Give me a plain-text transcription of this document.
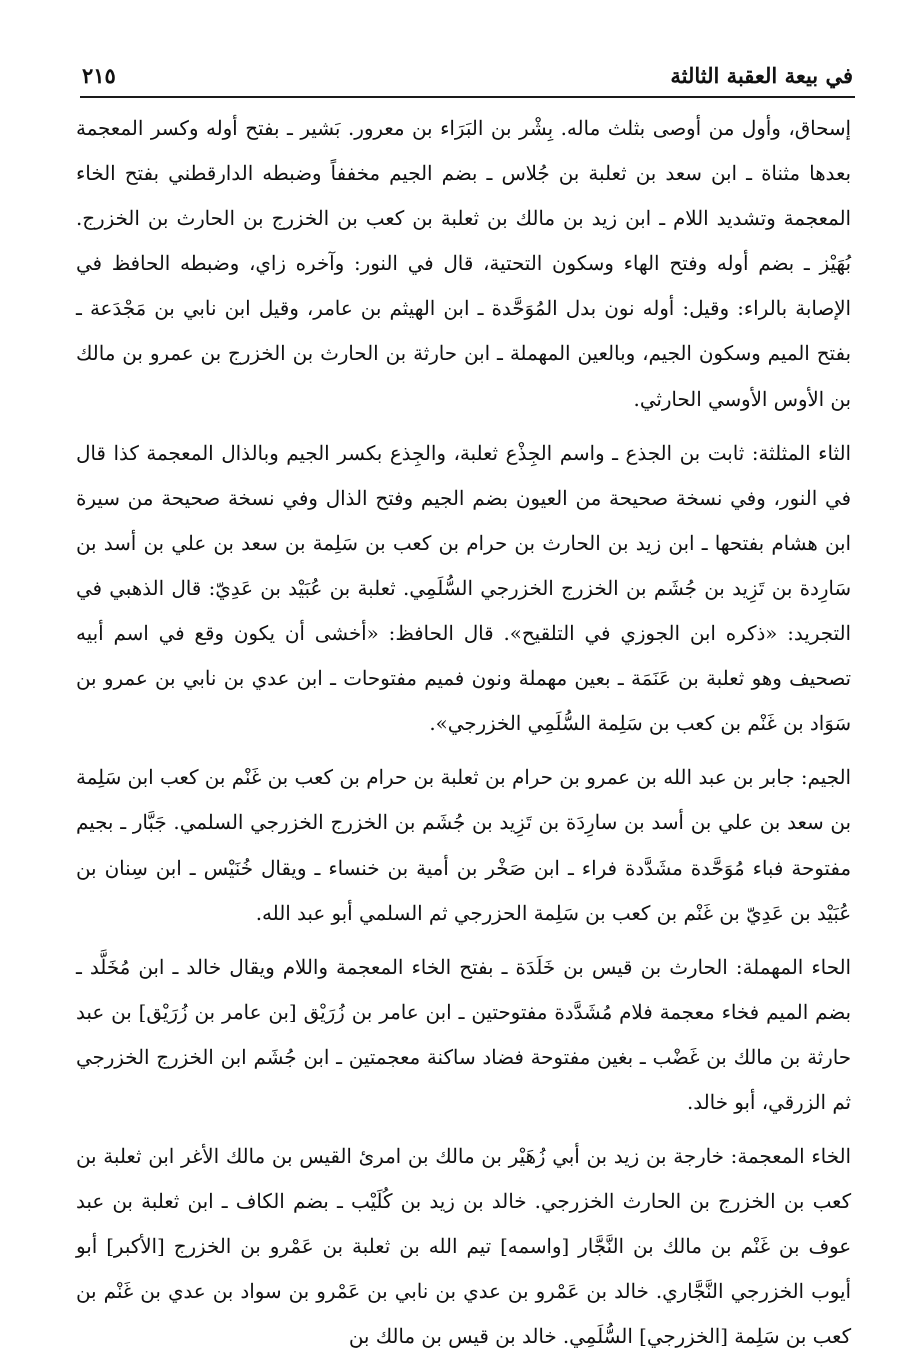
في بيعة العقبة الثالثة
٢١٥

إسحاق، وأول من أوصى بثلث ماله. بِشْر بن البَرَاء بن معرور. بَشير ـ بفتح أوله وكسر المعجمة بعدها مثناة ـ ابن سعد بن ثعلبة بن جُلاس ـ بضم الجيم مخففاً وضبطه الدارقطني بفتح الخاء المعجمة وتشديد اللام ـ ابن زيد بن مالك بن ثعلبة بن كعب بن الخزرج بن الحارث بن الخزرج. بُهَيْز ـ بضم أوله وفتح الهاء وسكون التحتية، قال في النور: وآخره زاي، وضبطه الحافظ في الإصابة بالراء: وقيل: أوله نون بدل المُوَحَّدة ـ ابن الهيثم بن عامر، وقيل ابن نابي بن مَجْدَعة ـ بفتح الميم وسكون الجيم، وبالعين المهملة ـ ابن حارثة بن الحارث بن الخزرج بن عمرو بن مالك بن الأوس الأوسي الحارثي.

الثاء المثلثة: ثابت بن الجذع ـ واسم الجِذْع ثعلبة، والجِذع بكسر الجيم وبالذال المعجمة كذا قال في النور، وفي نسخة صحيحة من العيون بضم الجيم وفتح الذال وفي نسخة صحيحة من سيرة ابن هشام بفتحها ـ ابن زيد بن الحارث بن حرام بن كعب بن سَلِمة بن سعد بن علي بن أسد بن سَارِدة بن تَزِيد بن جُشَم بن الخزرج الخزرجي السُّلَمِي. ثعلبة بن عُبَيْد بن عَدِيّ: قال الذهبي في التجريد: «ذكره ابن الجوزي في التلقيح». قال الحافظ: «أخشى أن يكون وقع في اسم أبيه تصحيف وهو ثعلبة بن عَنَمَة ـ بعين مهملة ونون فميم مفتوحات ـ ابن عدي بن نابي بن عمرو بن سَوَاد بن غَنْم بن كعب بن سَلِمة السُّلَمِي الخزرجي».

الجيم: جابر بن عبد الله بن عمرو بن حرام بن ثعلبة بن حرام بن كعب بن غَنْم بن كعب ابن سَلِمة بن سعد بن علي بن أسد بن سارِدَة بن تَزِيد بن جُشَم بن الخزرج الخزرجي السلمي. جَبَّار ـ بجيم مفتوحة فباء مُوَحَّدة مشَدَّدة فراء ـ ابن صَخْر بن أمية بن خنساء ـ ويقال خُنَيْس ـ ابن سِنان بن عُبَيْد بن عَدِيّ بن غَنْم بن كعب بن سَلِمة الحزرجي ثم السلمي أبو عبد الله.

الحاء المهملة: الحارث بن قيس بن خَلَدَة ـ بفتح الخاء المعجمة واللام ويقال خالد ـ ابن مُخَلَّد ـ بضم الميم فخاء معجمة فلام مُشَدَّدة مفتوحتين ـ ابن عامر بن زُرَيْق [بن عامر بن زُرَيْق] بن عبد حارثة بن مالك بن غَضْب ـ بغين مفتوحة فضاد ساكنة معجمتين ـ ابن جُشَم ابن الخزرج الخزرجي ثم الزرقي، أبو خالد.

الخاء المعجمة: خارجة بن زيد بن أبي زُهَيْر بن مالك بن امرئ القيس بن مالك الأغر ابن ثعلبة بن كعب بن الخزرج بن الحارث الخزرجي. خالد بن زيد بن كُلَيْب ـ بضم الكاف ـ ابن ثعلبة بن عبد عوف بن غَنْم بن مالك بن النَّجَّار [واسمه] تيم الله بن ثعلبة بن عَمْرو بن الخزرج [الأكبر] أبو أيوب الخزرجي النَّجَّاري. خالد بن عَمْرو بن عدي بن نابي بن عَمْرو بن سواد بن عدي بن غَنْم بن كعب بن سَلِمة [الخزرجي] السُّلَمِي. خالد بن قيس بن مالك بن
